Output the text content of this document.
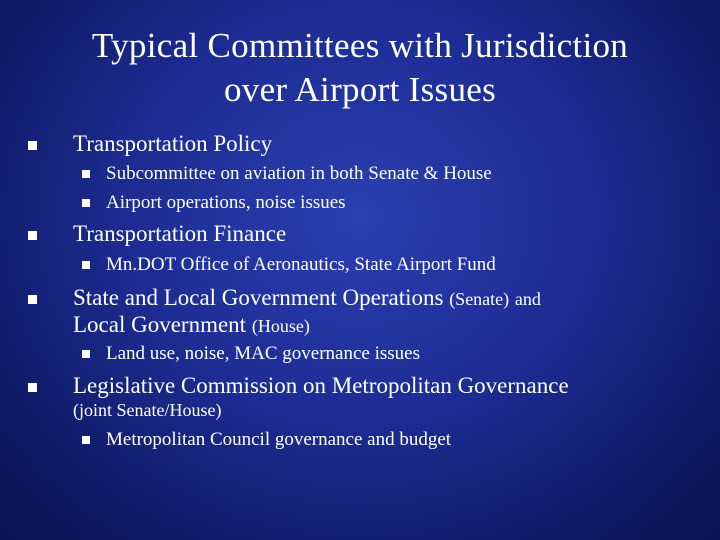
Typical Committees with Jurisdiction
over Airport Issues
Transportation Policy
Subcommittee on aviation in both Senate & House
Airport operations, noise issues
Transportation Finance
Mn.DOT Office of Aeronautics, State Airport Fund
State and Local Government Operations (Senate) and
Local Government (House)
Land use, noise, MAC governance issues
Legislative Commission on Metropolitan Governance
(joint Senate/House)
Metropolitan Council governance and budget
